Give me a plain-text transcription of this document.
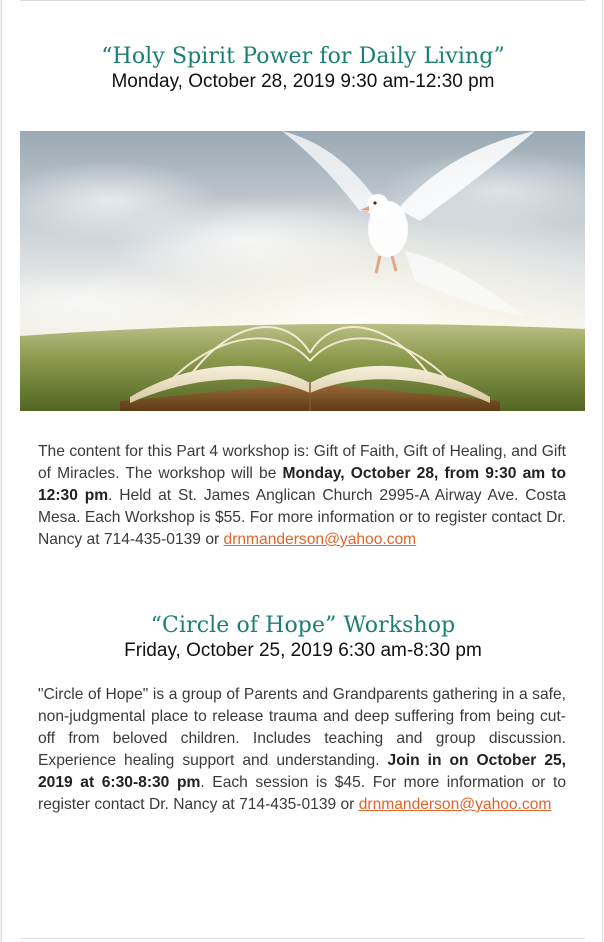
“Holy Spirit Power for Daily Living”
Monday, October 28, 2019 9:30 am-12:30 pm
The content for this Part 4 workshop is: Gift of Faith, Gift of Healing, and Gift of Miracles. The workshop will be Monday, October 28, from 9:30 am to 12:30 pm. Held at St. James Anglican Church 2995-A Airway Ave. Costa Mesa. Each Workshop is $55. For more information or to register contact Dr. Nancy at 714-435-0139 or drnmanderson@yahoo.com
“Circle of Hope” Workshop
Friday, October 25, 2019 6:30 am-8:30 pm
"Circle of Hope" is a group of Parents and Grandparents gathering in a safe, non-judgmental place to release trauma and deep suffering from being cut-off from beloved children. Includes teaching and group discussion. Experience healing support and understanding. Join in on October 25, 2019 at 6:30-8:30 pm. Each session is $45. For more information or to register contact Dr. Nancy at 714-435-0139 or drnmanderson@yahoo.com
